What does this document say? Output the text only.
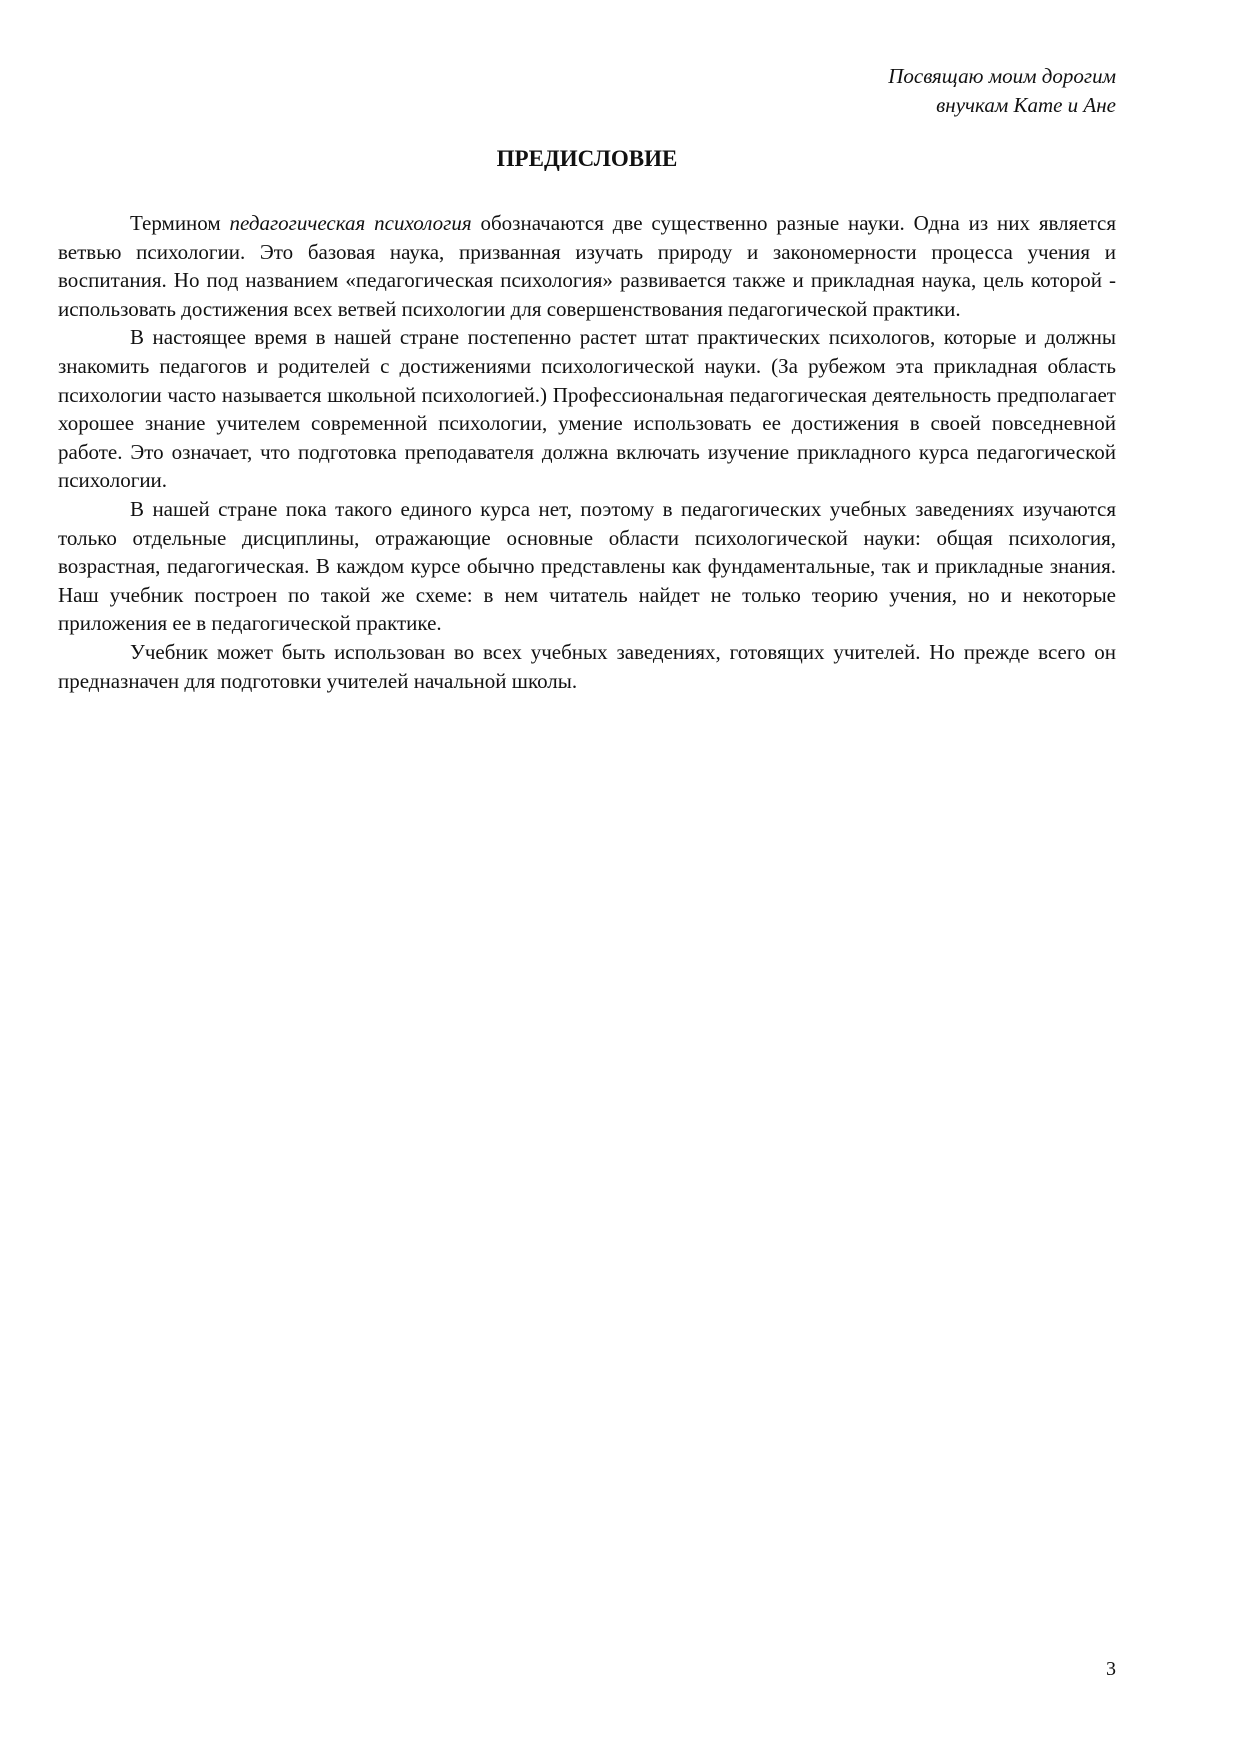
Посвящаю моим дорогим
внучкам Кате и Ане
ПРЕДИСЛОВИЕ

Термином педагогическая психология обозначаются две существенно разные науки. Одна из них является ветвью психологии. Это базовая наука, призванная изучать природу и закономерности процесса учения и воспитания. Но под названием «педагогическая психология» развивается также и прикладная наука, цель которой - использовать достижения всех ветвей психологии для совершенствования педагогической практики.

В настоящее время в нашей стране постепенно растет штат практических психологов, которые и должны знакомить педагогов и родителей с достижениями психологической науки. (За рубежом эта прикладная область психологии часто называется школьной психологией.) Профессиональная педагогическая деятельность предполагает хорошее знание учителем современной психологии, умение использовать ее достижения в своей повседневной работе. Это означает, что подготовка преподавателя должна включать изучение прикладного курса педагогической психологии.

В нашей стране пока такого единого курса нет, поэтому в педагогических учебных заведениях изучаются только отдельные дисциплины, отражающие основные области психологической науки: общая психология, возрастная, педагогическая. В каждом курсе обычно представлены как фундаментальные, так и прикладные знания. Наш учебник построен по такой же схеме: в нем читатель найдет не только теорию учения, но и некоторые приложения ее в педагогической практике.

Учебник может быть использован во всех учебных заведениях, готовящих учителей. Но прежде всего он предназначен для подготовки учителей начальной школы.

3
